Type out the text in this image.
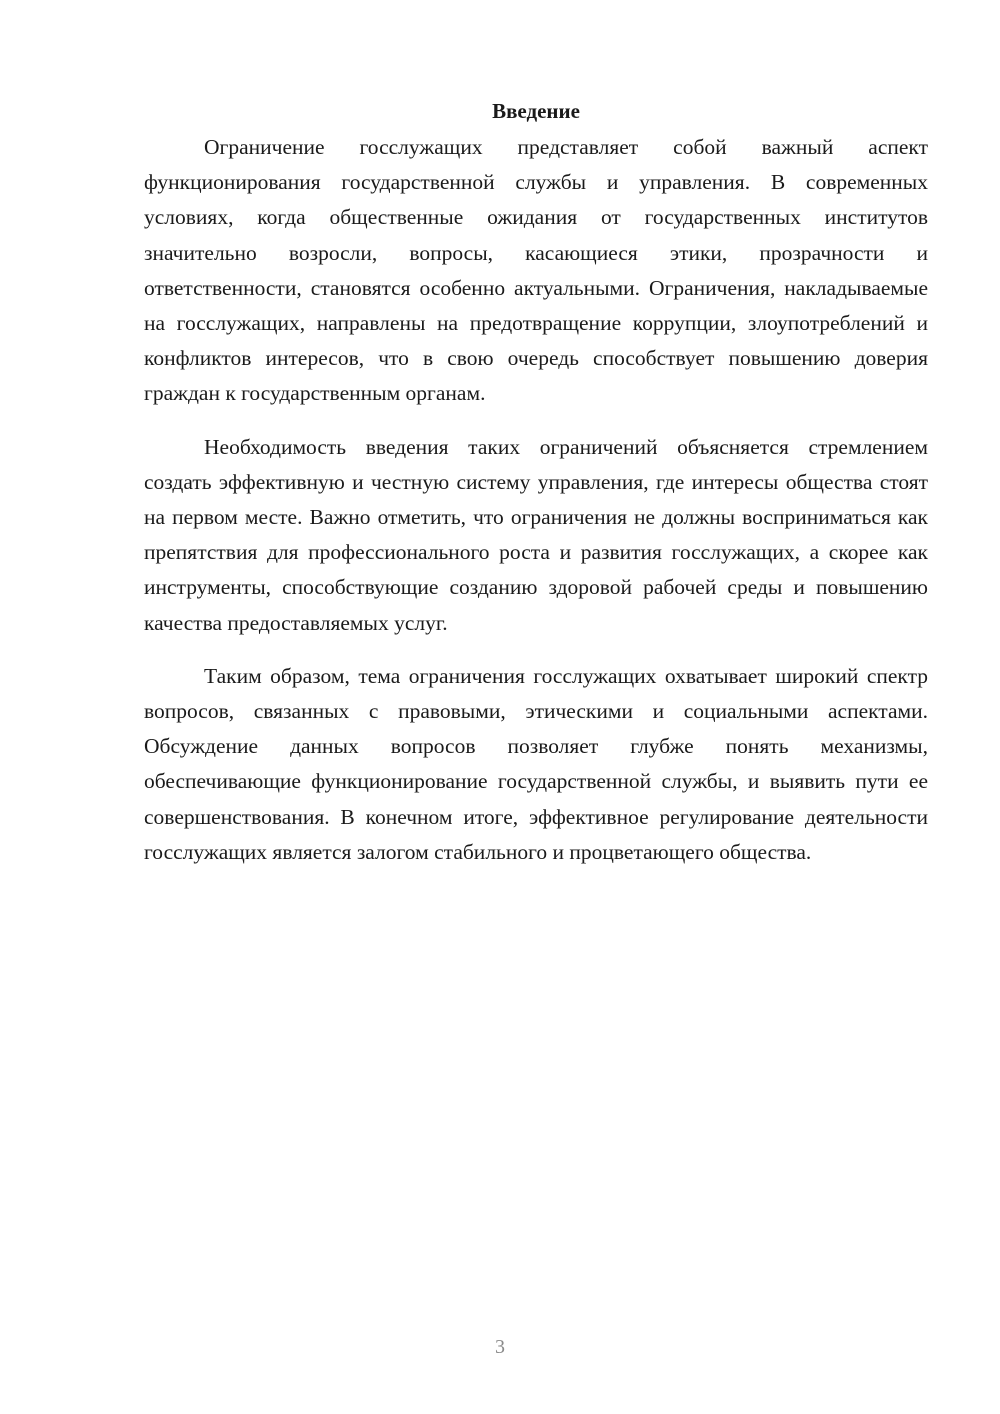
Введение

Ограничение госслужащих представляет собой важный аспект функционирования государственной службы и управления. В современных условиях, когда общественные ожидания от государственных институтов значительно возросли, вопросы, касающиеся этики, прозрачности и ответственности, становятся особенно актуальными. Ограничения, накладываемые на госслужащих, направлены на предотвращение коррупции, злоупотреблений и конфликтов интересов, что в свою очередь способствует повышению доверия граждан к государственным органам.

Необходимость введения таких ограничений объясняется стремлением создать эффективную и честную систему управления, где интересы общества стоят на первом месте. Важно отметить, что ограничения не должны восприниматься как препятствия для профессионального роста и развития госслужащих, а скорее как инструменты, способствующие созданию здоровой рабочей среды и повышению качества предоставляемых услуг.

Таким образом, тема ограничения госслужащих охватывает широкий спектр вопросов, связанных с правовыми, этическими и социальными аспектами. Обсуждение данных вопросов позволяет глубже понять механизмы, обеспечивающие функционирование государственной службы, и выявить пути ее совершенствования. В конечном итоге, эффективное регулирование деятельности госслужащих является залогом стабильного и процветающего общества.

3
